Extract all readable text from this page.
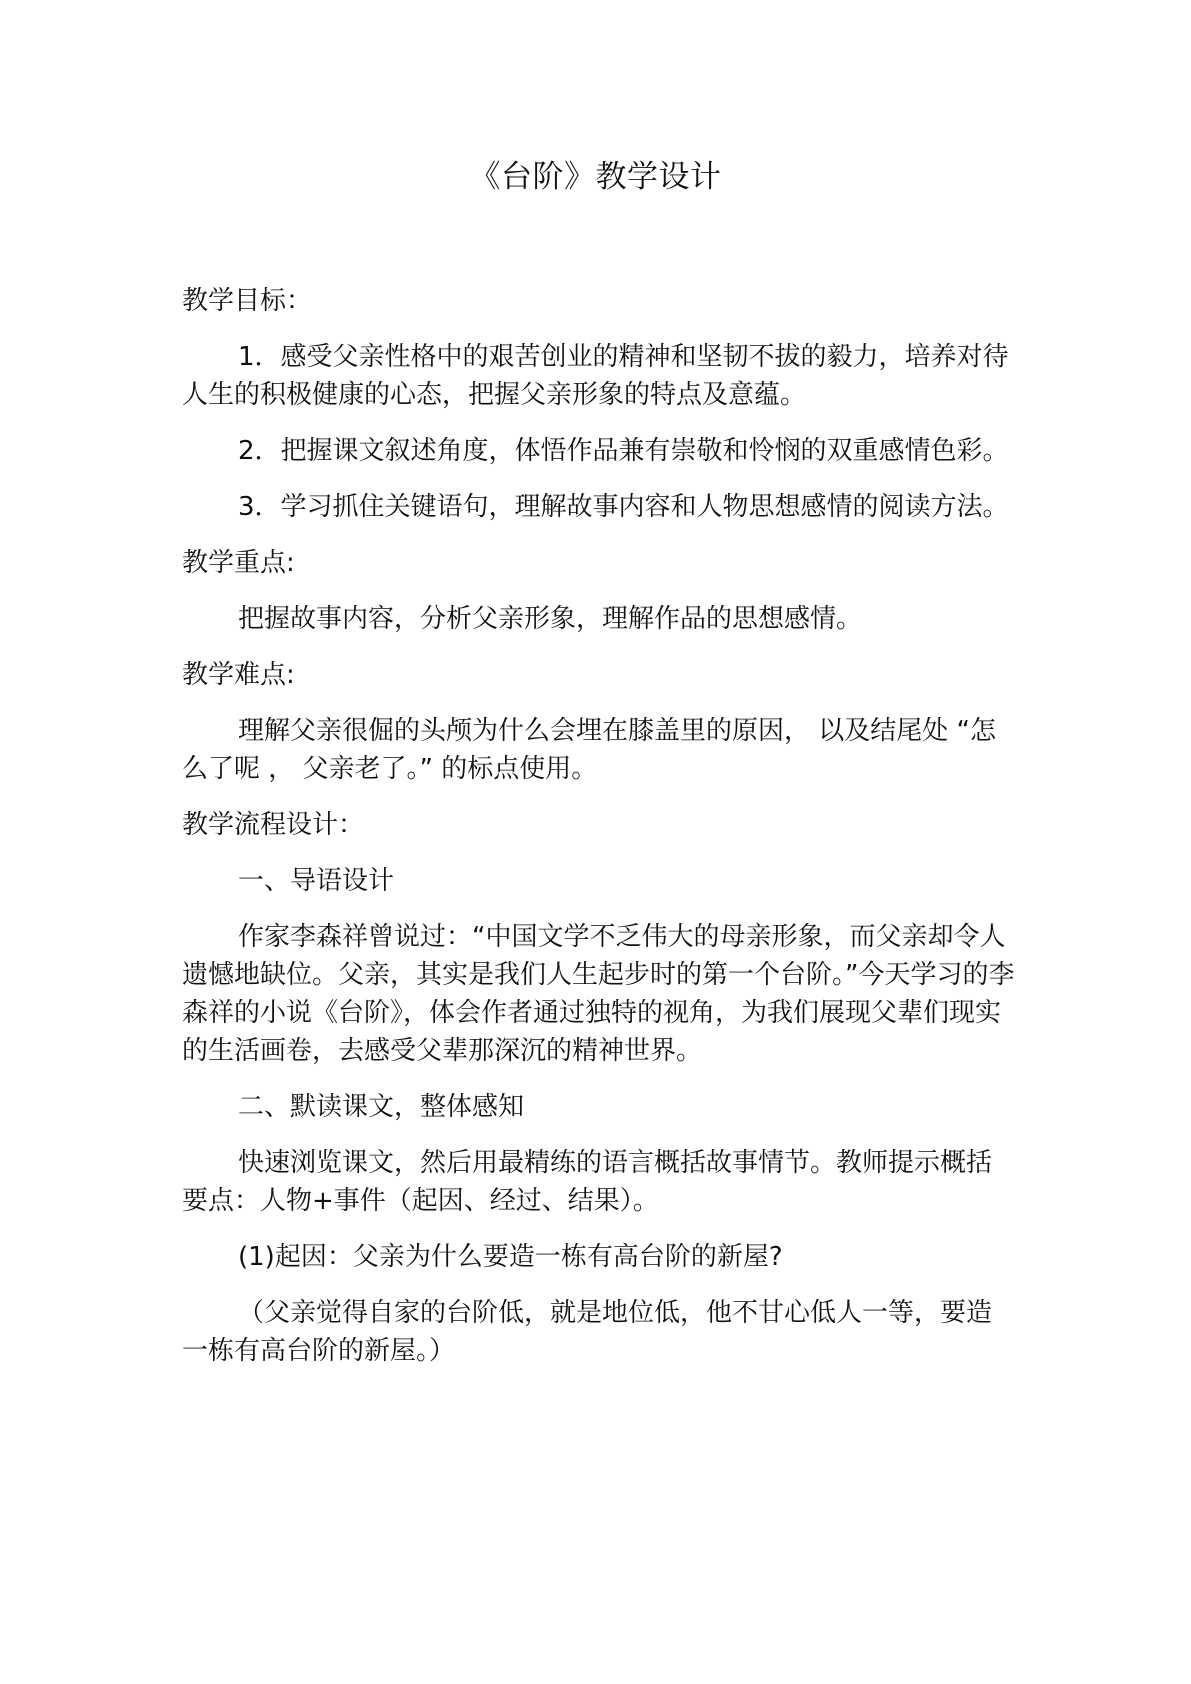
《台阶》教学设计

教学目标：

1．感受父亲性格中的艰苦创业的精神和坚韧不拔的毅力，培养对待人生的积极健康的心态，把握父亲形象的特点及意蕴。

2．把握课文叙述角度，体悟作品兼有崇敬和怜悯的双重感情色彩。

3．学习抓住关键语句，理解故事内容和人物思想感情的阅读方法。

教学重点:

把握故事内容，分析父亲形象，理解作品的思想感情。

教学难点:

理解父亲很倔的头颅为什么会埋在膝盖里的原因， 以及结尾处 “怎么了呢 ， 父亲老了。” 的标点使用。

教学流程设计：

一、导语设计

作家李森祥曾说过：“中国文学不乏伟大的母亲形象，而父亲却令人遗憾地缺位。父亲，其实是我们人生起步时的第一个台阶。”今天学习的李森祥的小说《台阶》，体会作者通过独特的视角，为我们展现父辈们现实的生活画卷，去感受父辈那深沉的精神世界。

二、默读课文，整体感知

快速浏览课文，然后用最精练的语言概括故事情节。教师提示概括要点：人物+事件（起因、经过、结果）。

(1)起因：父亲为什么要造一栋有高台阶的新屋?

（父亲觉得自家的台阶低，就是地位低，他不甘心低人一等，要造一栋有高台阶的新屋。）
